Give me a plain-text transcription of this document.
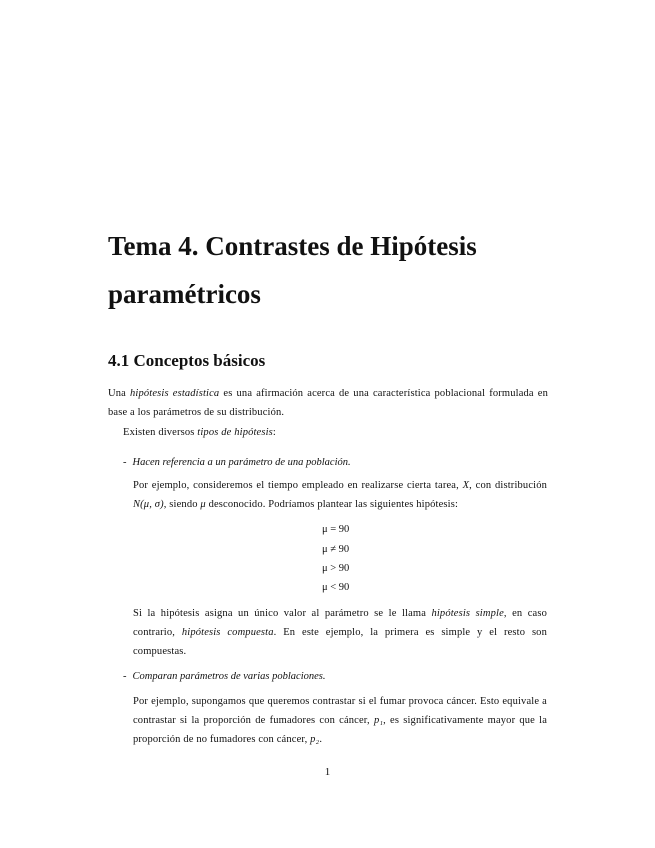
Tema 4. Contrastes de Hipótesis paramétricos
4.1 Conceptos básicos

Una hipótesis estadística es una afirmación acerca de una característica poblacional formulada en base a los parámetros de su distribución.

Existen diversos tipos de hipótesis:

- Hacen referencia a un parámetro de una población.

Por ejemplo, consideremos el tiempo empleado en realizarse cierta tarea, X, con distribución N(μ, σ), siendo μ desconocido. Podríamos plantear las siguientes hipótesis:

μ = 90

μ ≠ 90

μ > 90

μ < 90

Si la hipótesis asigna un único valor al parámetro se le llama hipótesis simple, en caso contrario, hipótesis compuesta. En este ejemplo, la primera es simple y el resto son compuestas.

- Comparan parámetros de varias poblaciones.

Por ejemplo, supongamos que queremos contrastar si el fumar provoca cáncer. Esto equivale a contrastar si la proporción de fumadores con cáncer, p₁, es significativamente mayor que la proporción de no fumadores con cáncer, p₂.

1
